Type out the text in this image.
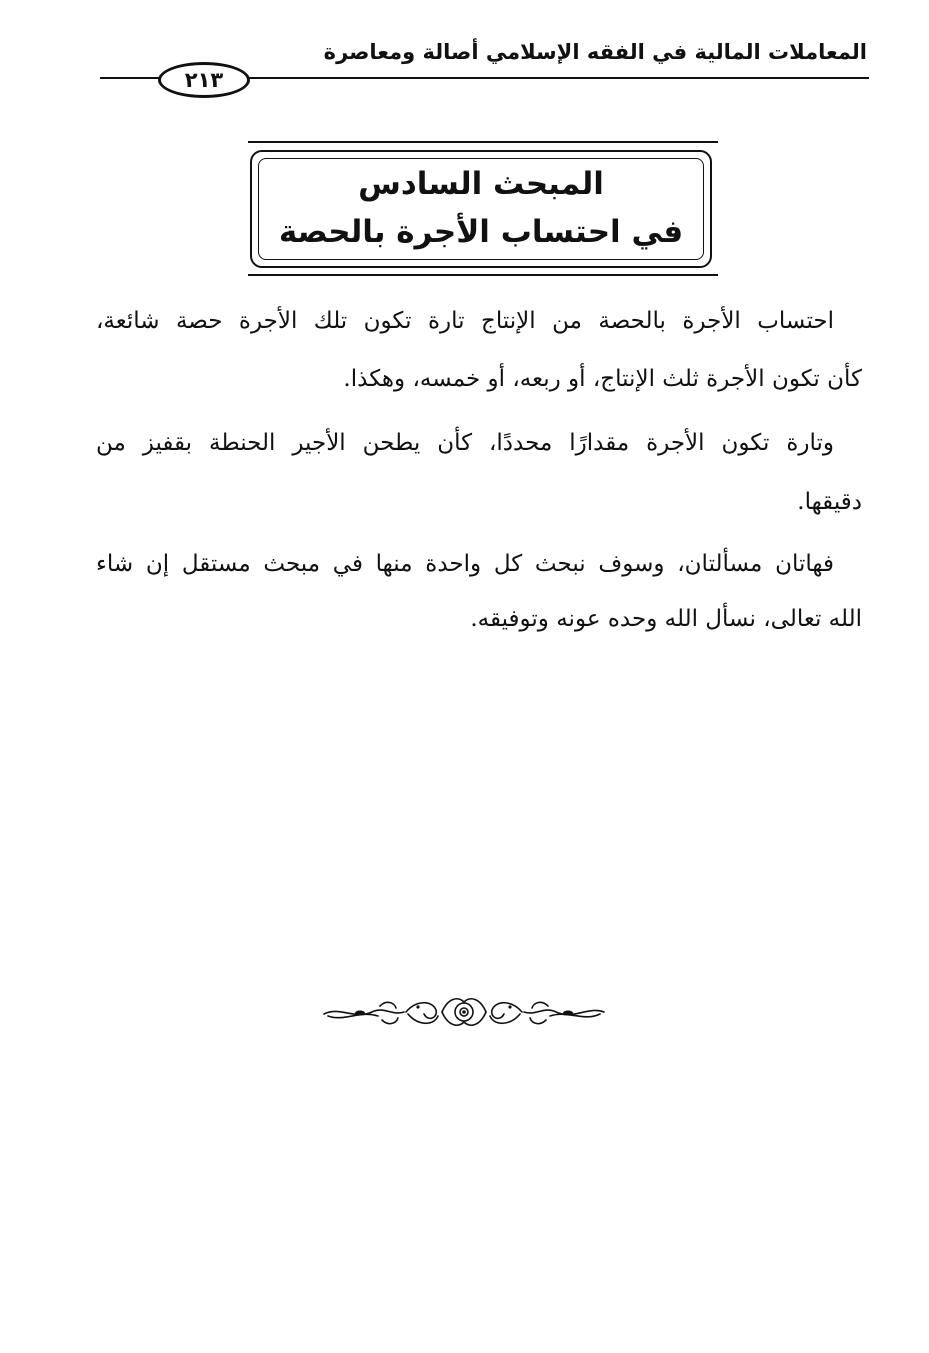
المعاملات المالية في الفقه الإسلامي أصالة ومعاصرة
٢١٣
المبحث السادس
في احتساب الأجرة بالحصة
احتساب الأجرة بالحصة من الإنتاج تارة تكون تلك الأجرة حصة شائعة،
كأن تكون الأجرة ثلث الإنتاج، أو ربعه، أو خمسه، وهكذا.
وتارة تكون الأجرة مقدارًا محددًا، كأن يطحن الأجير الحنطة بقفيز من
دقيقها.
فهاتان مسألتان، وسوف نبحث كل واحدة منها في مبحث مستقل إن شاء
الله تعالى، نسأل الله وحده عونه وتوفيقه.
